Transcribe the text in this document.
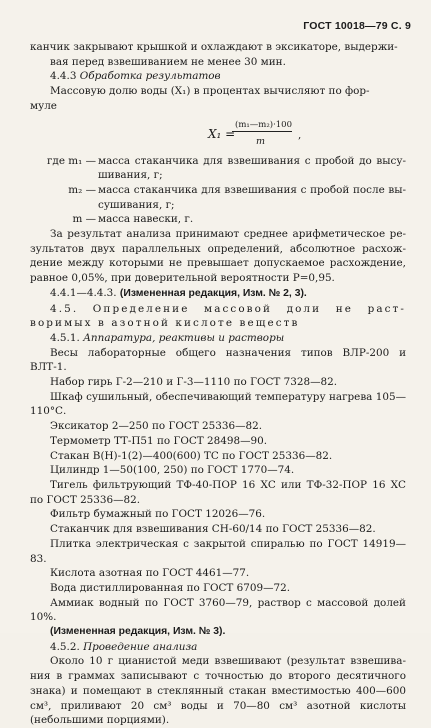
ГОСТ 10018—79 С. 9

канчик закрывают крышкой и охлаждают в эксикаторе, выдержи-

вая перед взвешиванием не менее 30 мин.

4.4.3 Обработка результатов

Массовую долю воды (X₁) в процентах вычисляют по фор-

муле

X₁ =
(m₁—m₂)·100
m
,

где m₁ — масса стаканчика для взвешивания с пробой до высу-шивания, г;

m₂ — масса стаканчика для взвешивания с пробой после вы-сушивания, г;

m — масса навески, г.

За результат анализа принимают среднее арифметическое ре-зультатов двух параллельных определений, абсолютное расхож-дение между которыми не превышает допускаемое расхождение, равное 0,05%, при доверительной вероятности P=0,95.

4.4.1—4.4.3. (Измененная редакция, Изм. № 2, 3).

4.5. Определение массовой доли не раст-воримых в азотной кислоте веществ

4.5.1. Аппаратура, реактивы и растворы

Весы лабораторные общего назначения типов ВЛР-200 и ВЛТ-1.

Набор гирь Г-2—210 и Г-3—1110 по ГОСТ 7328—82.

Шкаф сушильный, обеспечивающий температуру нагрева 105—110°С.

Эксикатор 2—250 по ГОСТ 25336—82.

Термометр ТТ-П51 по ГОСТ 28498—90.

Стакан В(Н)-1(2)—400(600) ТС по ГОСТ 25336—82.

Цилиндр 1—50(100, 250) по ГОСТ 1770—74.

Тигель фильтрующий ТФ-40-ПОР 16 ХС или ТФ-32-ПОР 16 ХС по ГОСТ 25336—82.

Фильтр бумажный по ГОСТ 12026—76.

Стаканчик для взвешивания СН-60/14 по ГОСТ 25336—82.

Плитка электрическая с закрытой спиралью по ГОСТ 14919—83.

Кислота азотная по ГОСТ 4461—77.

Вода дистиллированная по ГОСТ 6709—72.

Аммиак водный по ГОСТ 3760—79, раствор с массовой долей 10%.

(Измененная редакция, Изм. № 3).

4.5.2. Проведение анализа

Около 10 г цианистой меди взвешивают (результат взвешива-ния в граммах записывают с точностью до второго десятичного знака) и помещают в стеклянный стакан вместимостью 400—600 см³, приливают 20 см³ воды и 70—80 см³ азотной кислоты (небольшими порциями).
